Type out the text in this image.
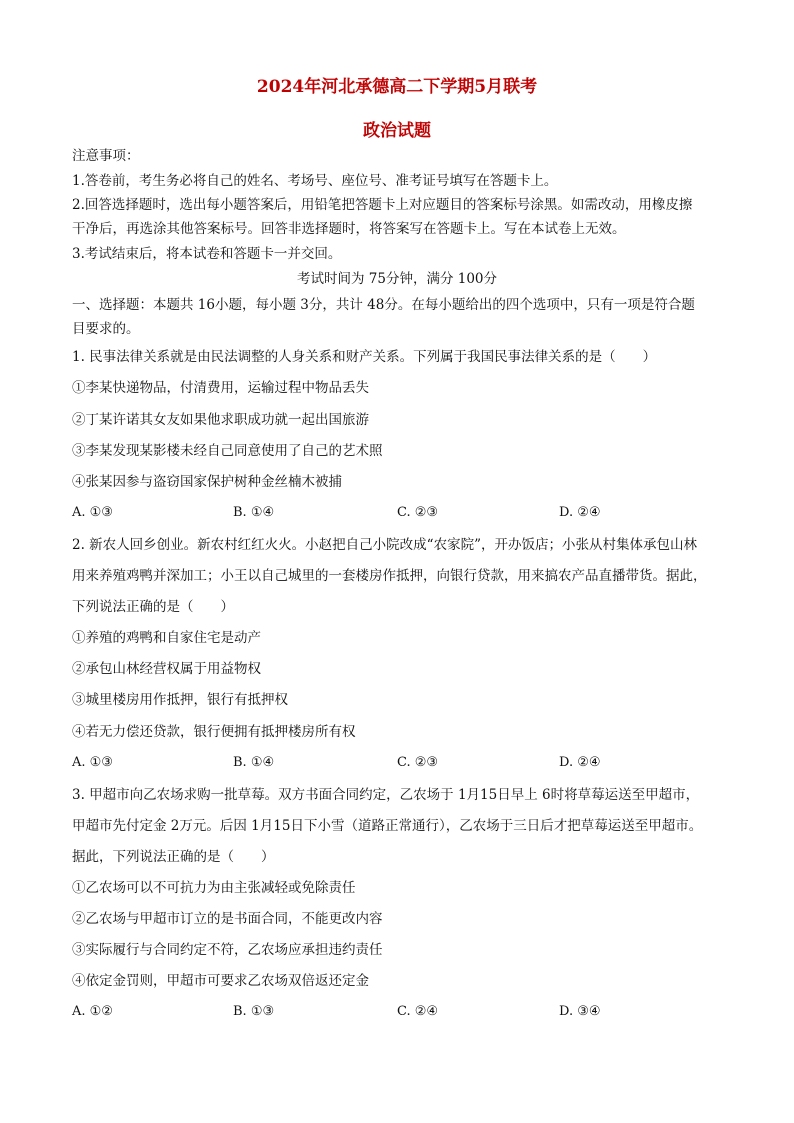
2024年河北承德高二下学期5月联考
政治试题
注意事项：
1.答卷前，考生务必将自己的姓名、考场号、座位号、准考证号填写在答题卡上。
2.回答选择题时，选出每小题答案后，用铅笔把答题卡上对应题目的答案标号涂黑。如需改动，用橡皮擦
干净后，再选涂其他答案标号。回答非选择题时，将答案写在答题卡上。写在本试卷上无效。
3.考试结束后，将本试卷和答题卡一并交回。
考试时间为 75分钟，满分 100分
一、选择题：本题共 16小题，每小题 3分，共计 48分。在每小题给出的四个选项中，只有一项是符合题
目要求的。
1. 民事法律关系就是由民法调整的人身关系和财产关系。下列属于我国民事法律关系的是（　　）
①李某快递物品，付清费用，运输过程中物品丢失
②丁某许诺其女友如果他求职成功就一起出国旅游
③李某发现某影楼未经自己同意使用了自己的艺术照
④张某因参与盗窃国家保护树种金丝楠木被捕
A. ①③	B. ①④	C. ②③	D. ②④
2. 新农人回乡创业。新农村红红火火。小赵把自己小院改成“农家院”，开办饭店；小张从村集体承包山林
用来养殖鸡鸭并深加工；小王以自己城里的一套楼房作抵押，向银行贷款，用来搞农产品直播带货。据此，
下列说法正确的是（　　）
①养殖的鸡鸭和自家住宅是动产
②承包山林经营权属于用益物权
③城里楼房用作抵押，银行有抵押权
④若无力偿还贷款，银行便拥有抵押楼房所有权
A. ①③	B. ①④	C. ②③	D. ②④
3. 甲超市向乙农场求购一批草莓。双方书面合同约定，乙农场于 1月15日早上 6时将草莓运送至甲超市，
甲超市先付定金 2万元。后因 1月15日下小雪（道路正常通行），乙农场于三日后才把草莓运送至甲超市。
据此，下列说法正确的是（　　）
①乙农场可以不可抗力为由主张减轻或免除责任
②乙农场与甲超市订立的是书面合同，不能更改内容
③实际履行与合同约定不符，乙农场应承担违约责任
④依定金罚则，甲超市可要求乙农场双倍返还定金
A. ①②	B. ①③	C. ②④	D. ③④
